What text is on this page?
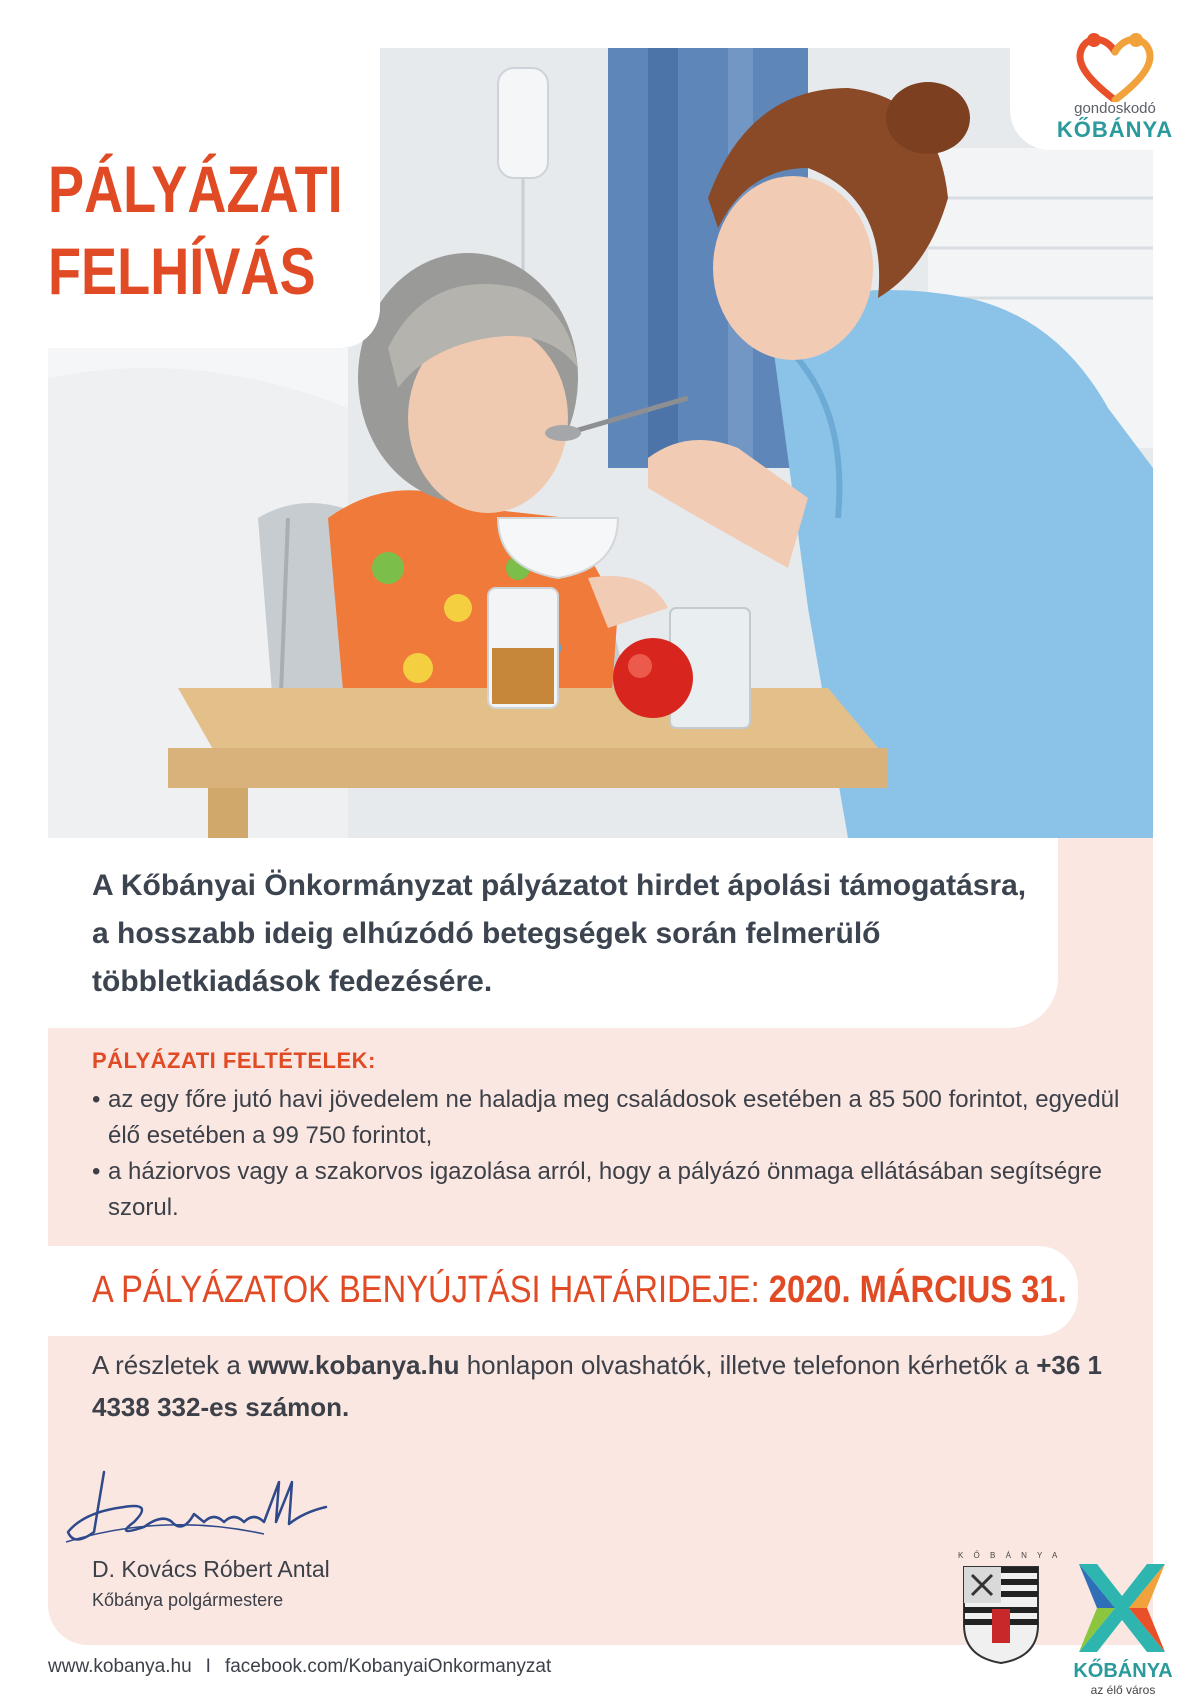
PÁLYÁZATI
FELHÍVÁS
gondoskodó
KŐBÁNYA

A Kőbányai Önkormányzat pályázatot hirdet ápolási támogatásra, a hosszabb ideig elhúzódó betegségek során felmerülő többletkiadások fedezésére.

PÁLYÁZATI FELTÉTELEK:
• az egy főre jutó havi jövedelem ne haladja meg családosok esetében a 85 500 forintot, egyedül élő esetében a 99 750 forintot,
• a háziorvos vagy a szakorvos igazolása arról, hogy a pályázó önmaga ellátásában segítségre szorul.
A PÁLYÁZATOK BENYÚJTÁSI HATÁRIDEJE: 2020. MÁRCIUS 31.

A részletek a www.kobanya.hu honlapon olvashatók, illetve telefonon kérhetők a +36 1 4338 332-es számon.

D. Kovács Róbert Antal
Kőbánya polgármestere
K Ő B Á N Y A
KŐBÁNYA
az élő város
www.kobanya.hu I facebook.com/KobanyaiOnkormanyzat
